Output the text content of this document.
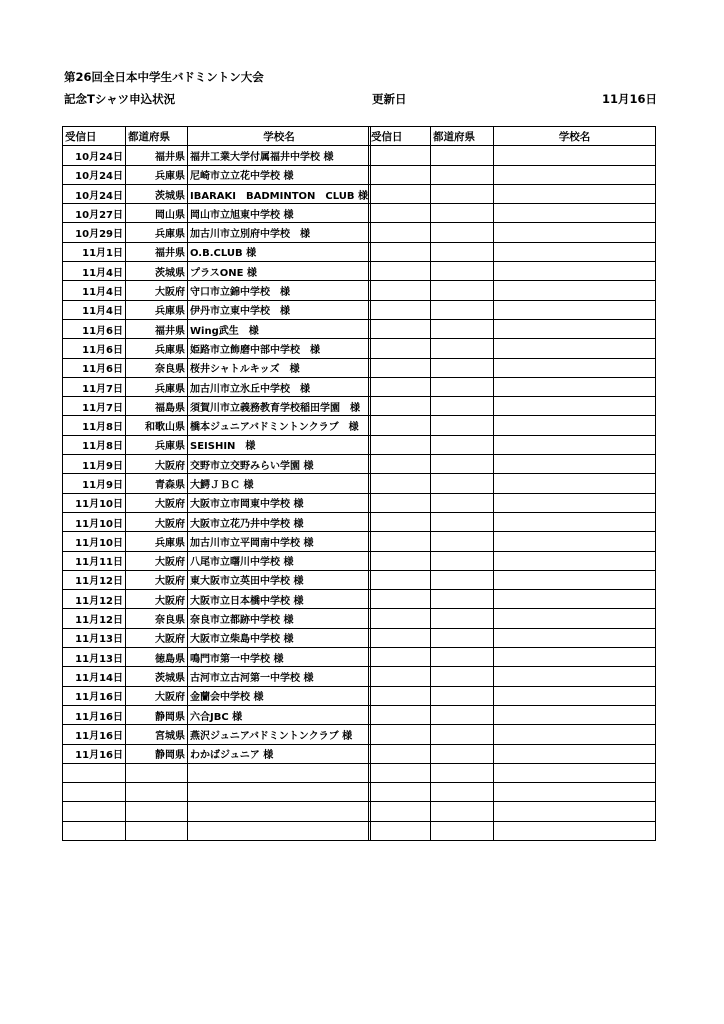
第26回全日本中学生バドミントン大会
記念Tシャツ申込状況	更新日	11月16日
受信日	都道府県	学校名
10月24日	福井県	福井工業大学付属福井中学校 様
10月24日	兵庫県	尼崎市立立花中学校 様
10月24日	茨城県	IBARAKI　BADMINTON　CLUB 様
10月27日	岡山県	岡山市立旭東中学校 様
10月29日	兵庫県	加古川市立別府中学校　様
11月1日	福井県	O.B.CLUB 様
11月4日	茨城県	プラスONE 様
11月4日	大阪府	守口市立錦中学校　様
11月4日	兵庫県	伊丹市立東中学校　様
11月6日	福井県	Wing武生　様
11月6日	兵庫県	姫路市立飾磨中部中学校　様
11月6日	奈良県	桜井シャトルキッズ　様
11月7日	兵庫県	加古川市立氷丘中学校　様
11月7日	福島県	須賀川市立義務教育学校稲田学園　様
11月8日	和歌山県	橋本ジュニアバドミントンクラブ　様
11月8日	兵庫県	SEISHIN　様
11月9日	大阪府	交野市立交野みらい学園 様
11月9日	青森県	大鰐ＪＢＣ 様
11月10日	大阪府	大阪市立市岡東中学校 様
11月10日	大阪府	大阪市立花乃井中学校 様
11月10日	兵庫県	加古川市立平岡南中学校 様
11月11日	大阪府	八尾市立曙川中学校 様
11月12日	大阪府	東大阪市立英田中学校 様
11月12日	大阪府	大阪市立日本橋中学校 様
11月12日	奈良県	奈良市立都跡中学校 様
11月13日	大阪府	大阪市立柴島中学校 様
11月13日	徳島県	鳴門市第一中学校 様
11月14日	茨城県	古河市立古河第一中学校 様
11月16日	大阪府	金蘭会中学校 様
11月16日	静岡県	六合JBC 様
11月16日	宮城県	燕沢ジュニアバドミントンクラブ 様
11月16日	静岡県	わかばジュニア 様

受信日	都道府県	学校名
